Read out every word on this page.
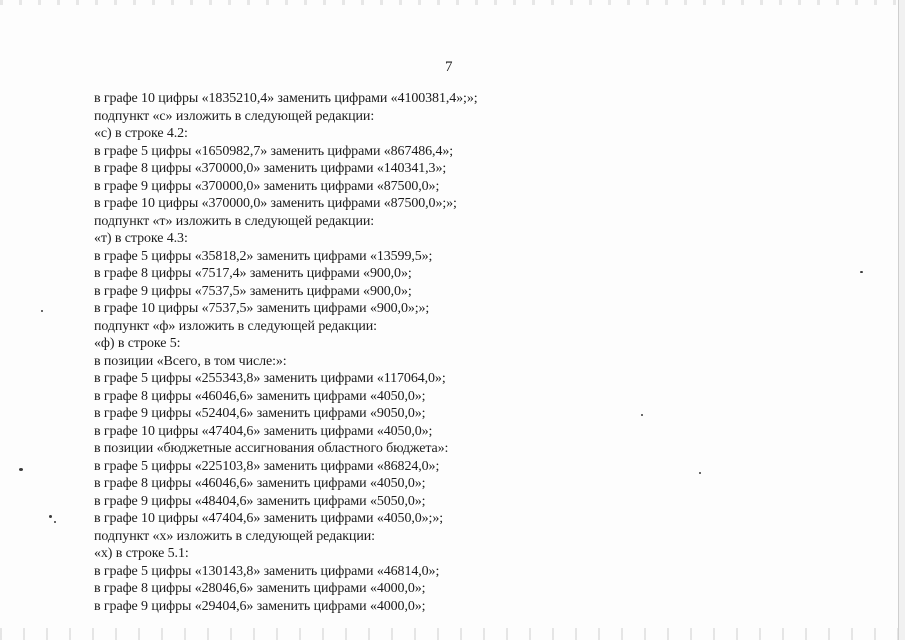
7
в графе 10 цифры «1835210,4» заменить цифрами «4100381,4»;»;
подпункт «с» изложить в следующей редакции:
«с) в строке 4.2:
в графе 5 цифры «1650982,7» заменить цифрами «867486,4»;
в графе 8 цифры «370000,0» заменить цифрами «140341,3»;
в графе 9 цифры «370000,0» заменить цифрами «87500,0»;
в графе 10 цифры «370000,0» заменить цифрами «87500,0»;»;
подпункт «т» изложить в следующей редакции:
«т) в строке 4.3:
в графе 5 цифры «35818,2» заменить цифрами «13599,5»;
в графе 8 цифры «7517,4» заменить цифрами «900,0»;
в графе 9 цифры «7537,5» заменить цифрами «900,0»;
в графе 10 цифры «7537,5» заменить цифрами «900,0»;»;
подпункт «ф» изложить в следующей редакции:
«ф) в строке 5:
в позиции «Всего, в том числе:»:
в графе 5 цифры «255343,8» заменить цифрами «117064,0»;
в графе 8 цифры «46046,6» заменить цифрами «4050,0»;
в графе 9 цифры «52404,6» заменить цифрами «9050,0»;
в графе 10 цифры «47404,6» заменить цифрами «4050,0»;
в позиции «бюджетные ассигнования областного бюджета»:
в графе 5 цифры «225103,8» заменить цифрами «86824,0»;
в графе 8 цифры «46046,6» заменить цифрами «4050,0»;
в графе 9 цифры «48404,6» заменить цифрами «5050,0»;
в графе 10 цифры «47404,6» заменить цифрами «4050,0»;»;
подпункт «х» изложить в следующей редакции:
«х) в строке 5.1:
в графе 5 цифры «130143,8» заменить цифрами «46814,0»;
в графе 8 цифры «28046,6» заменить цифрами «4000,0»;
в графе 9 цифры «29404,6» заменить цифрами «4000,0»;
